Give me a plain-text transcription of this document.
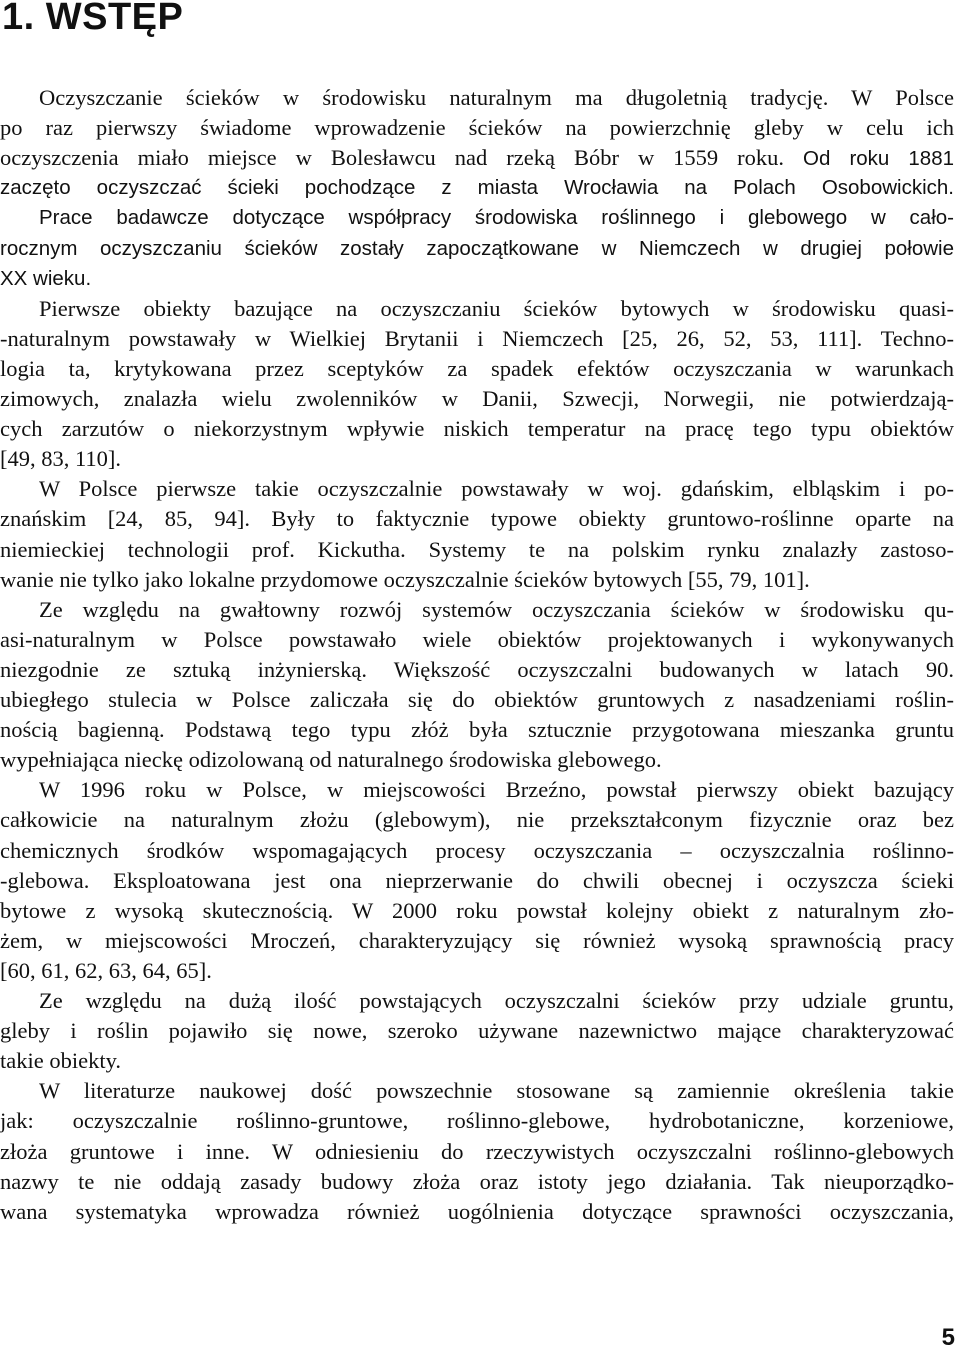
1. WSTĘP

Oczyszczanie ścieków w środowisku naturalnym ma długoletnią tradycję. W Polsce

po raz pierwszy świadome wprowadzenie ścieków na powierzchnię gleby w celu ich

oczyszczenia miało miejsce w Bolesławcu nad rzeką Bóbr w 1559 roku. Od roku 1881

zaczęto oczyszczać ścieki pochodzące z miasta Wrocławia na Polach Osobowickich.

Prace badawcze dotyczące współpracy środowiska roślinnego i glebowego w cało-

rocznym oczyszczaniu ścieków zostały zapoczątkowane w Niemczech w drugiej połowie

XX wieku.

Pierwsze obiekty bazujące na oczyszczaniu ścieków bytowych w środowisku quasi-

-naturalnym powstawały w Wielkiej Brytanii i Niemczech [25, 26, 52, 53, 111]. Techno-

logia ta, krytykowana przez sceptyków za spadek efektów oczyszczania w warunkach

zimowych, znalazła wielu zwolenników w Danii, Szwecji, Norwegii, nie potwierdzają-

cych zarzutów o niekorzystnym wpływie niskich temperatur na pracę tego typu obiektów

[49, 83, 110].

W Polsce pierwsze takie oczyszczalnie powstawały w woj. gdańskim, elbląskim i po-

znańskim [24, 85, 94]. Były to faktycznie typowe obiekty gruntowo-roślinne oparte na

niemieckiej technologii prof. Kickutha. Systemy te na polskim rynku znalazły zastoso-

wanie nie tylko jako lokalne przydomowe oczyszczalnie ścieków bytowych [55, 79, 101].

Ze względu na gwałtowny rozwój systemów oczyszczania ścieków w środowisku qu-

asi-naturalnym w Polsce powstawało wiele obiektów projektowanych i wykonywanych

niezgodnie ze sztuką inżynierską. Większość oczyszczalni budowanych w latach 90.

ubiegłego stulecia w Polsce zaliczała się do obiektów gruntowych z nasadzeniami roślin-

nością bagienną. Podstawą tego typu złóż była sztucznie przygotowana mieszanka gruntu

wypełniająca nieckę odizolowaną od naturalnego środowiska glebowego.

W 1996 roku w Polsce, w miejscowości Brzeźno, powstał pierwszy obiekt bazujący

całkowicie na naturalnym złożu (glebowym), nie przekształconym fizycznie oraz bez

chemicznych środków wspomagających procesy oczyszczania – oczyszczalnia roślinno-

-glebowa. Eksploatowana jest ona nieprzerwanie do chwili obecnej i oczyszcza ścieki

bytowe z wysoką skutecznością. W 2000 roku powstał kolejny obiekt z naturalnym zło-

żem, w miejscowości Mroczeń, charakteryzujący się również wysoką sprawnością pracy

[60, 61, 62, 63, 64, 65].

Ze względu na dużą ilość powstających oczyszczalni ścieków przy udziale gruntu,

gleby i roślin pojawiło się nowe, szeroko używane nazewnictwo mające charakteryzować

takie obiekty.

W literaturze naukowej dość powszechnie stosowane są zamiennie określenia takie

jak: oczyszczalnie roślinno-gruntowe, roślinno-glebowe, hydrobotaniczne, korzeniowe,

złoża gruntowe i inne. W odniesieniu do rzeczywistych oczyszczalni roślinno-glebowych

nazwy te nie oddają zasady budowy złoża oraz istoty jego działania. Tak nieuporządko-

wana systematyka wprowadza również uogólnienia dotyczące sprawności oczyszczania,

5
